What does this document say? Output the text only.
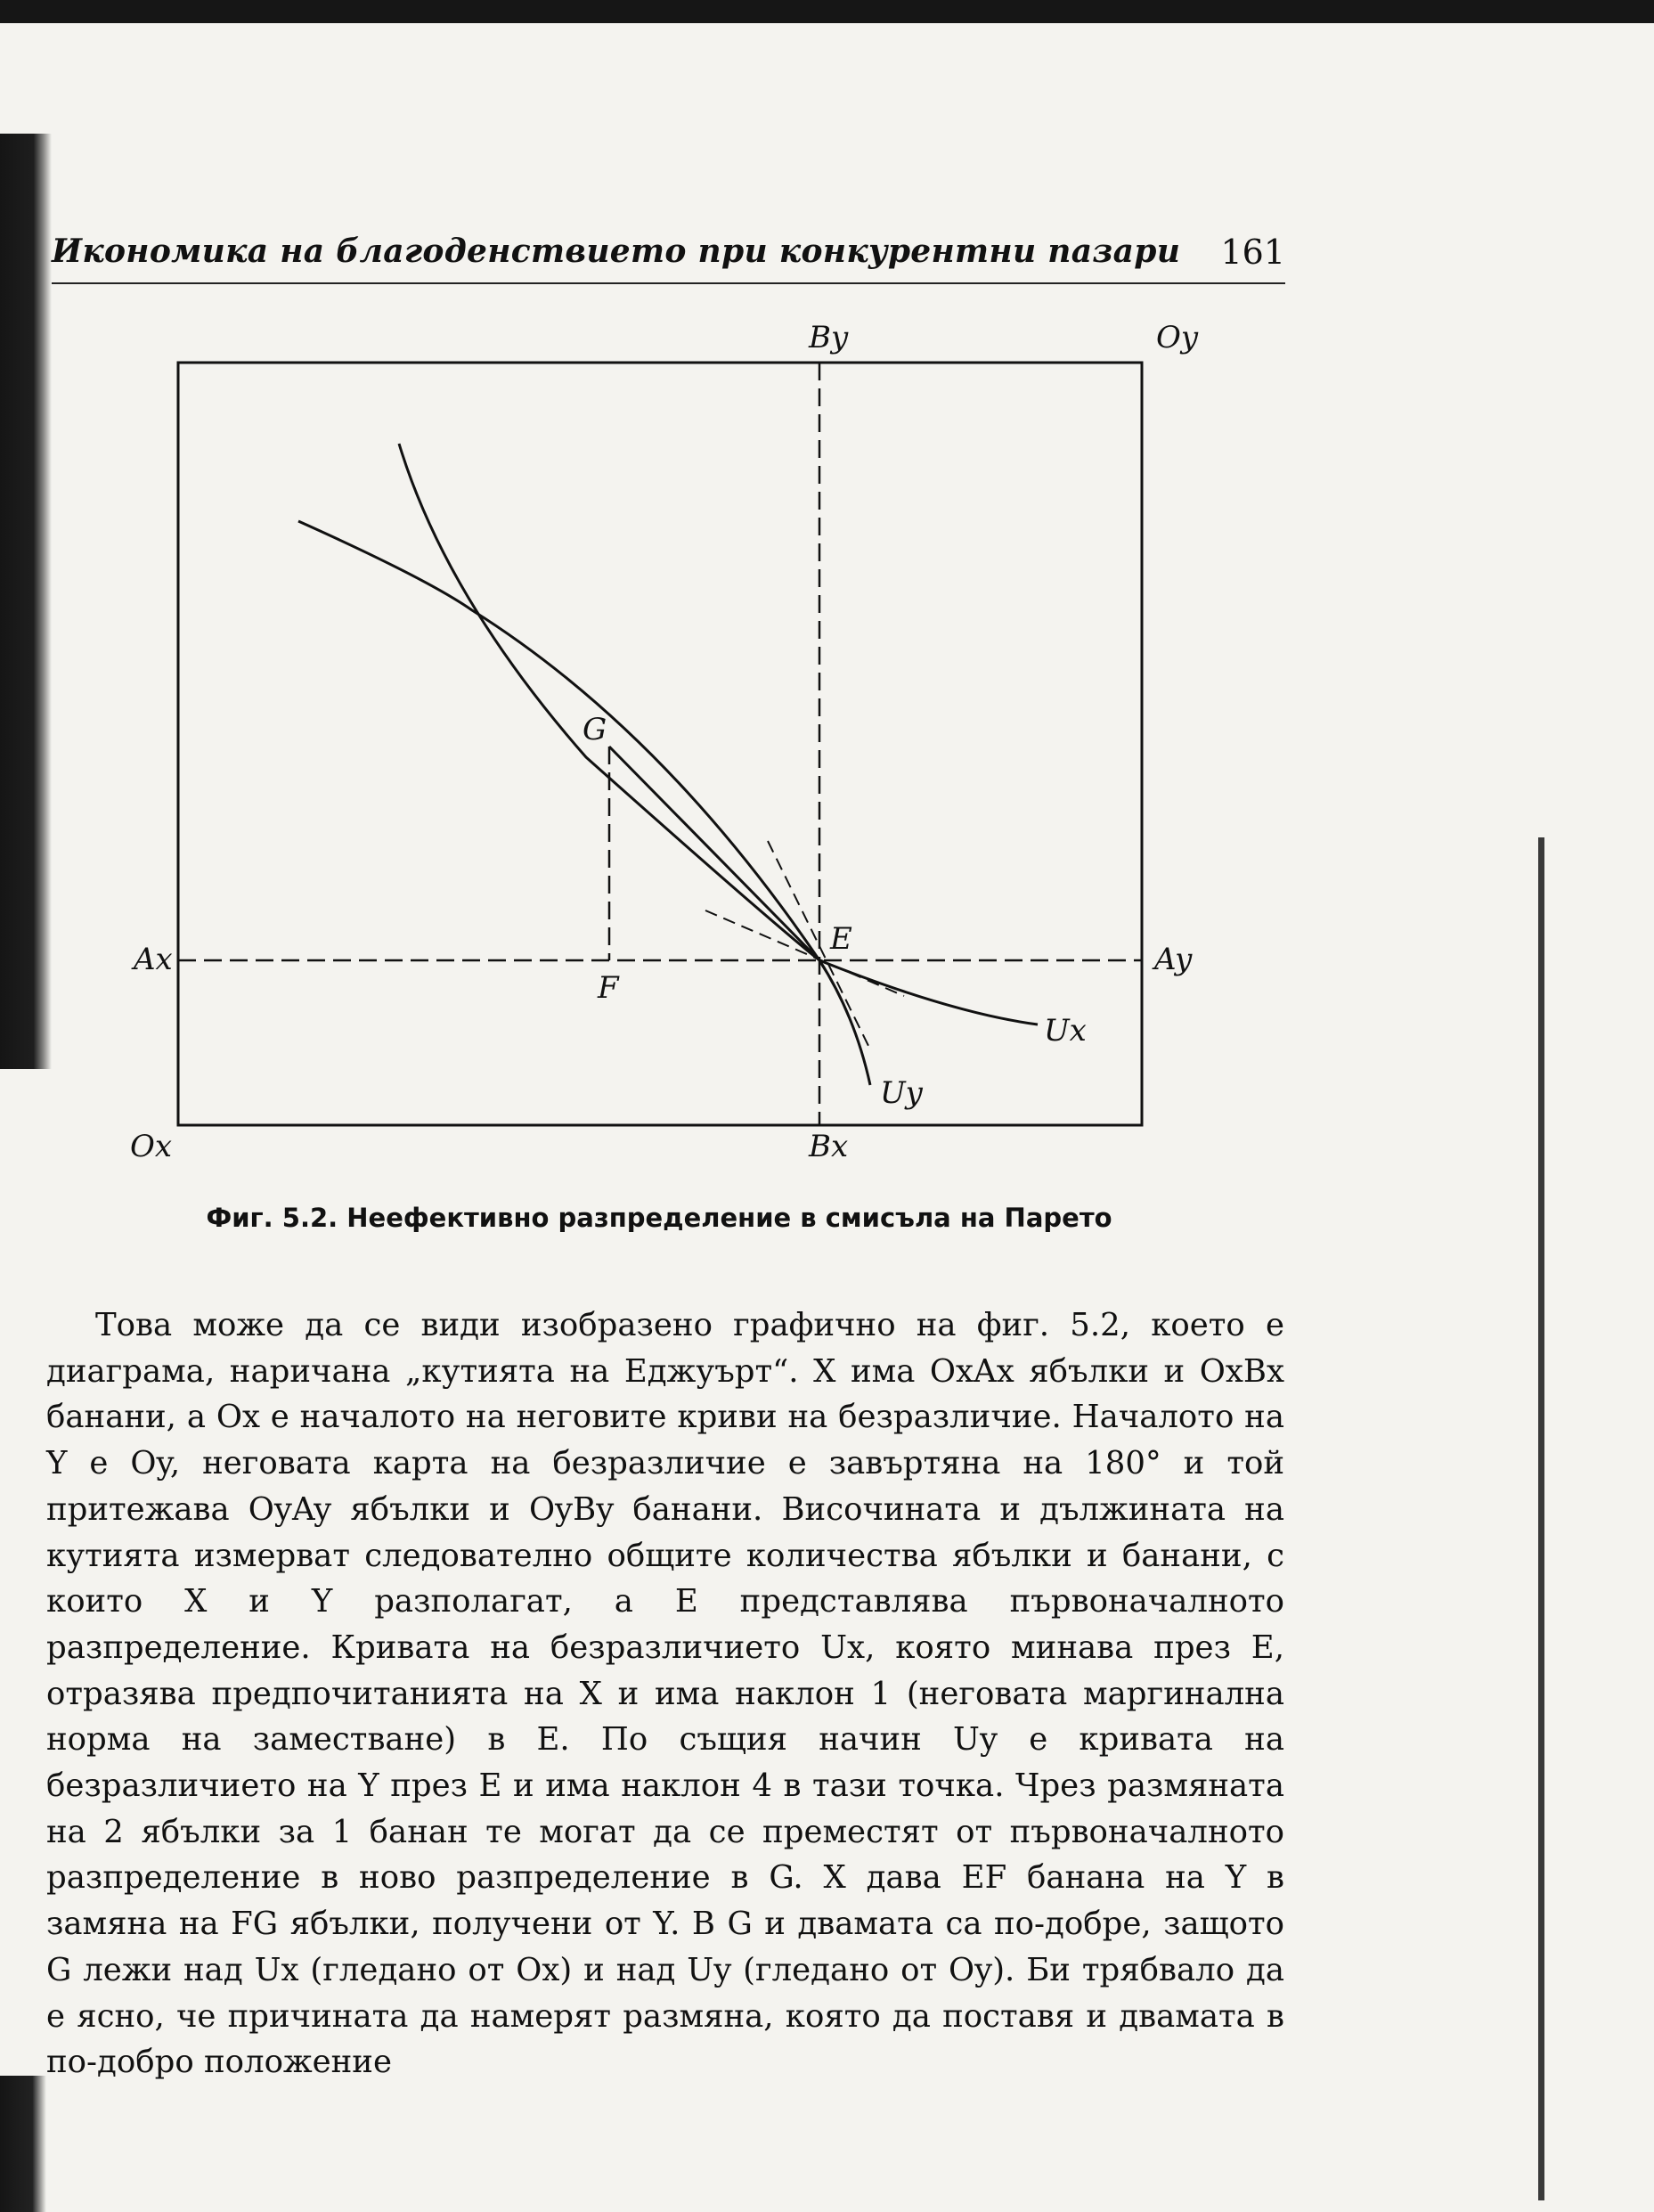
Икономика на благоденствието при конкурентни пазари 161
By	Oy
Ax	Ay
Ox	Bx
G
F
E
Ux
Uy
Фиг. 5.2. Неефективно разпределение в смисъла на Парето

Това може да се види изобразено графично на фиг. 5.2, което е диаграма, наричана „кутията на Еджуърт“. X има OxAx ябълки и OxBx банани, а Ox е началото на неговите криви на безразличие. Началото на Y е Oy, неговата карта на безразличие е завъртяна на 180° и той притежава OyAy ябълки и OyBy банани. Височината и дължината на кутията измерват следователно общите количества ябълки и банани, с които X и Y разполагат, а E представлява първоначалното разпределение. Кривата на безразличието Ux, която минава през E, отразява предпочитанията на X и има наклон 1 (неговата маргинална норма на заместване) в E. По същия начин Uy е кривата на безразличието на Y през E и има наклон 4 в тази точка. Чрез размяната на 2 ябълки за 1 банан те могат да се преместят от първоначалното разпределение в ново разпределение в G. X дава EF банана на Y в замяна на FG ябълки, получени от Y. В G и двамата са по-добре, защото G лежи над Ux (гледано от Ox) и над Uy (гледано от Oy). Би трябвало да е ясно, че причината да намерят размяна, която да поставя и двамата в по-добро положение
